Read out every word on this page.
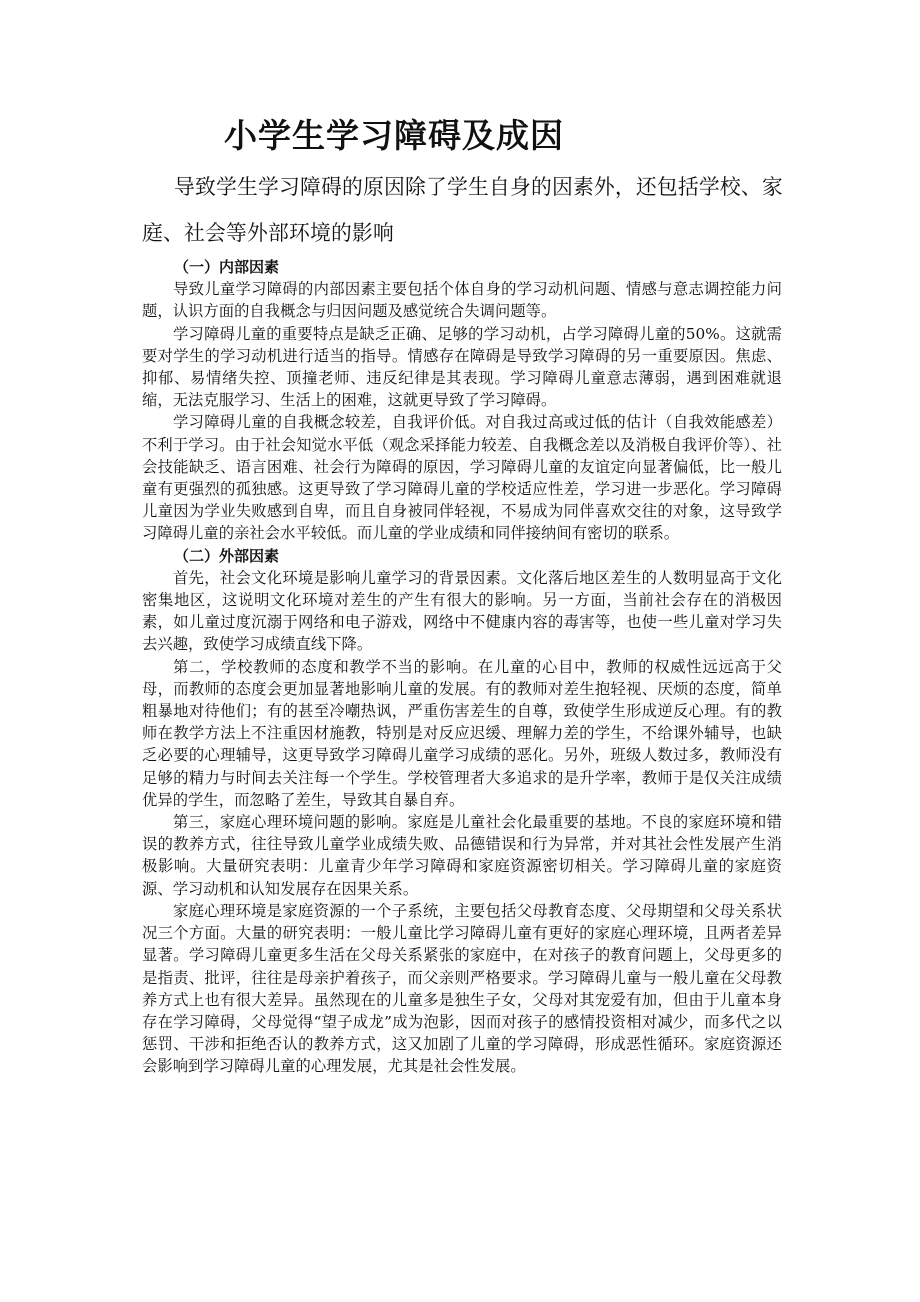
小学生学习障碍及成因

导致学生学习障碍的原因除了学生自身的因素外，还包括学校、家庭、社会等外部环境的影响

（一）内部因素

导致儿童学习障碍的内部因素主要包括个体自身的学习动机问题、情感与意志调控能力问题，认识方面的自我概念与归因问题及感觉统合失调问题等。

学习障碍儿童的重要特点是缺乏正确、足够的学习动机，占学习障碍儿童的50%。这就需要对学生的学习动机进行适当的指导。情感存在障碍是导致学习障碍的另一重要原因。焦虑、抑郁、易情绪失控、顶撞老师、违反纪律是其表现。学习障碍儿童意志薄弱，遇到困难就退缩，无法克服学习、生活上的困难，这就更导致了学习障碍。

学习障碍儿童的自我概念较差，自我评价低。对自我过高或过低的估计（自我效能感差）不利于学习。由于社会知觉水平低（观念采择能力较差、自我概念差以及消极自我评价等）、社会技能缺乏、语言困难、社会行为障碍的原因，学习障碍儿童的友谊定向显著偏低，比一般儿童有更强烈的孤独感。这更导致了学习障碍儿童的学校适应性差，学习进一步恶化。学习障碍儿童因为学业失败感到自卑，而且自身被同伴轻视，不易成为同伴喜欢交往的对象，这导致学习障碍儿童的亲社会水平较低。而儿童的学业成绩和同伴接纳间有密切的联系。

（二）外部因素

首先，社会文化环境是影响儿童学习的背景因素。文化落后地区差生的人数明显高于文化密集地区，这说明文化环境对差生的产生有很大的影响。另一方面，当前社会存在的消极因素，如儿童过度沉溺于网络和电子游戏，网络中不健康内容的毒害等，也使一些儿童对学习失去兴趣，致使学习成绩直线下降。

第二，学校教师的态度和教学不当的影响。在儿童的心目中，教师的权威性远远高于父母，而教师的态度会更加显著地影响儿童的发展。有的教师对差生抱轻视、厌烦的态度，简单粗暴地对待他们；有的甚至冷嘲热讽，严重伤害差生的自尊，致使学生形成逆反心理。有的教师在教学方法上不注重因材施教，特别是对反应迟缓、理解力差的学生，不给课外辅导，也缺乏必要的心理辅导，这更导致学习障碍儿童学习成绩的恶化。另外，班级人数过多，教师没有足够的精力与时间去关注每一个学生。学校管理者大多追求的是升学率，教师于是仅关注成绩优异的学生，而忽略了差生，导致其自暴自弃。

第三，家庭心理环境问题的影响。家庭是儿童社会化最重要的基地。不良的家庭环境和错误的教养方式，往往导致儿童学业成绩失败、品德错误和行为异常，并对其社会性发展产生消极影响。大量研究表明：儿童青少年学习障碍和家庭资源密切相关。学习障碍儿童的家庭资源、学习动机和认知发展存在因果关系。

家庭心理环境是家庭资源的一个子系统，主要包括父母教育态度、父母期望和父母关系状况三个方面。大量的研究表明：一般儿童比学习障碍儿童有更好的家庭心理环境，且两者差异显著。学习障碍儿童更多生活在父母关系紧张的家庭中，在对孩子的教育问题上，父母更多的是指责、批评，往往是母亲护着孩子，而父亲则严格要求。学习障碍儿童与一般儿童在父母教养方式上也有很大差异。虽然现在的儿童多是独生子女，父母对其宠爱有加，但由于儿童本身存在学习障碍，父母觉得“望子成龙”成为泡影，因而对孩子的感情投资相对减少，而多代之以惩罚、干涉和拒绝否认的教养方式，这又加剧了儿童的学习障碍，形成恶性循环。家庭资源还会影响到学习障碍儿童的心理发展，尤其是社会性发展。
